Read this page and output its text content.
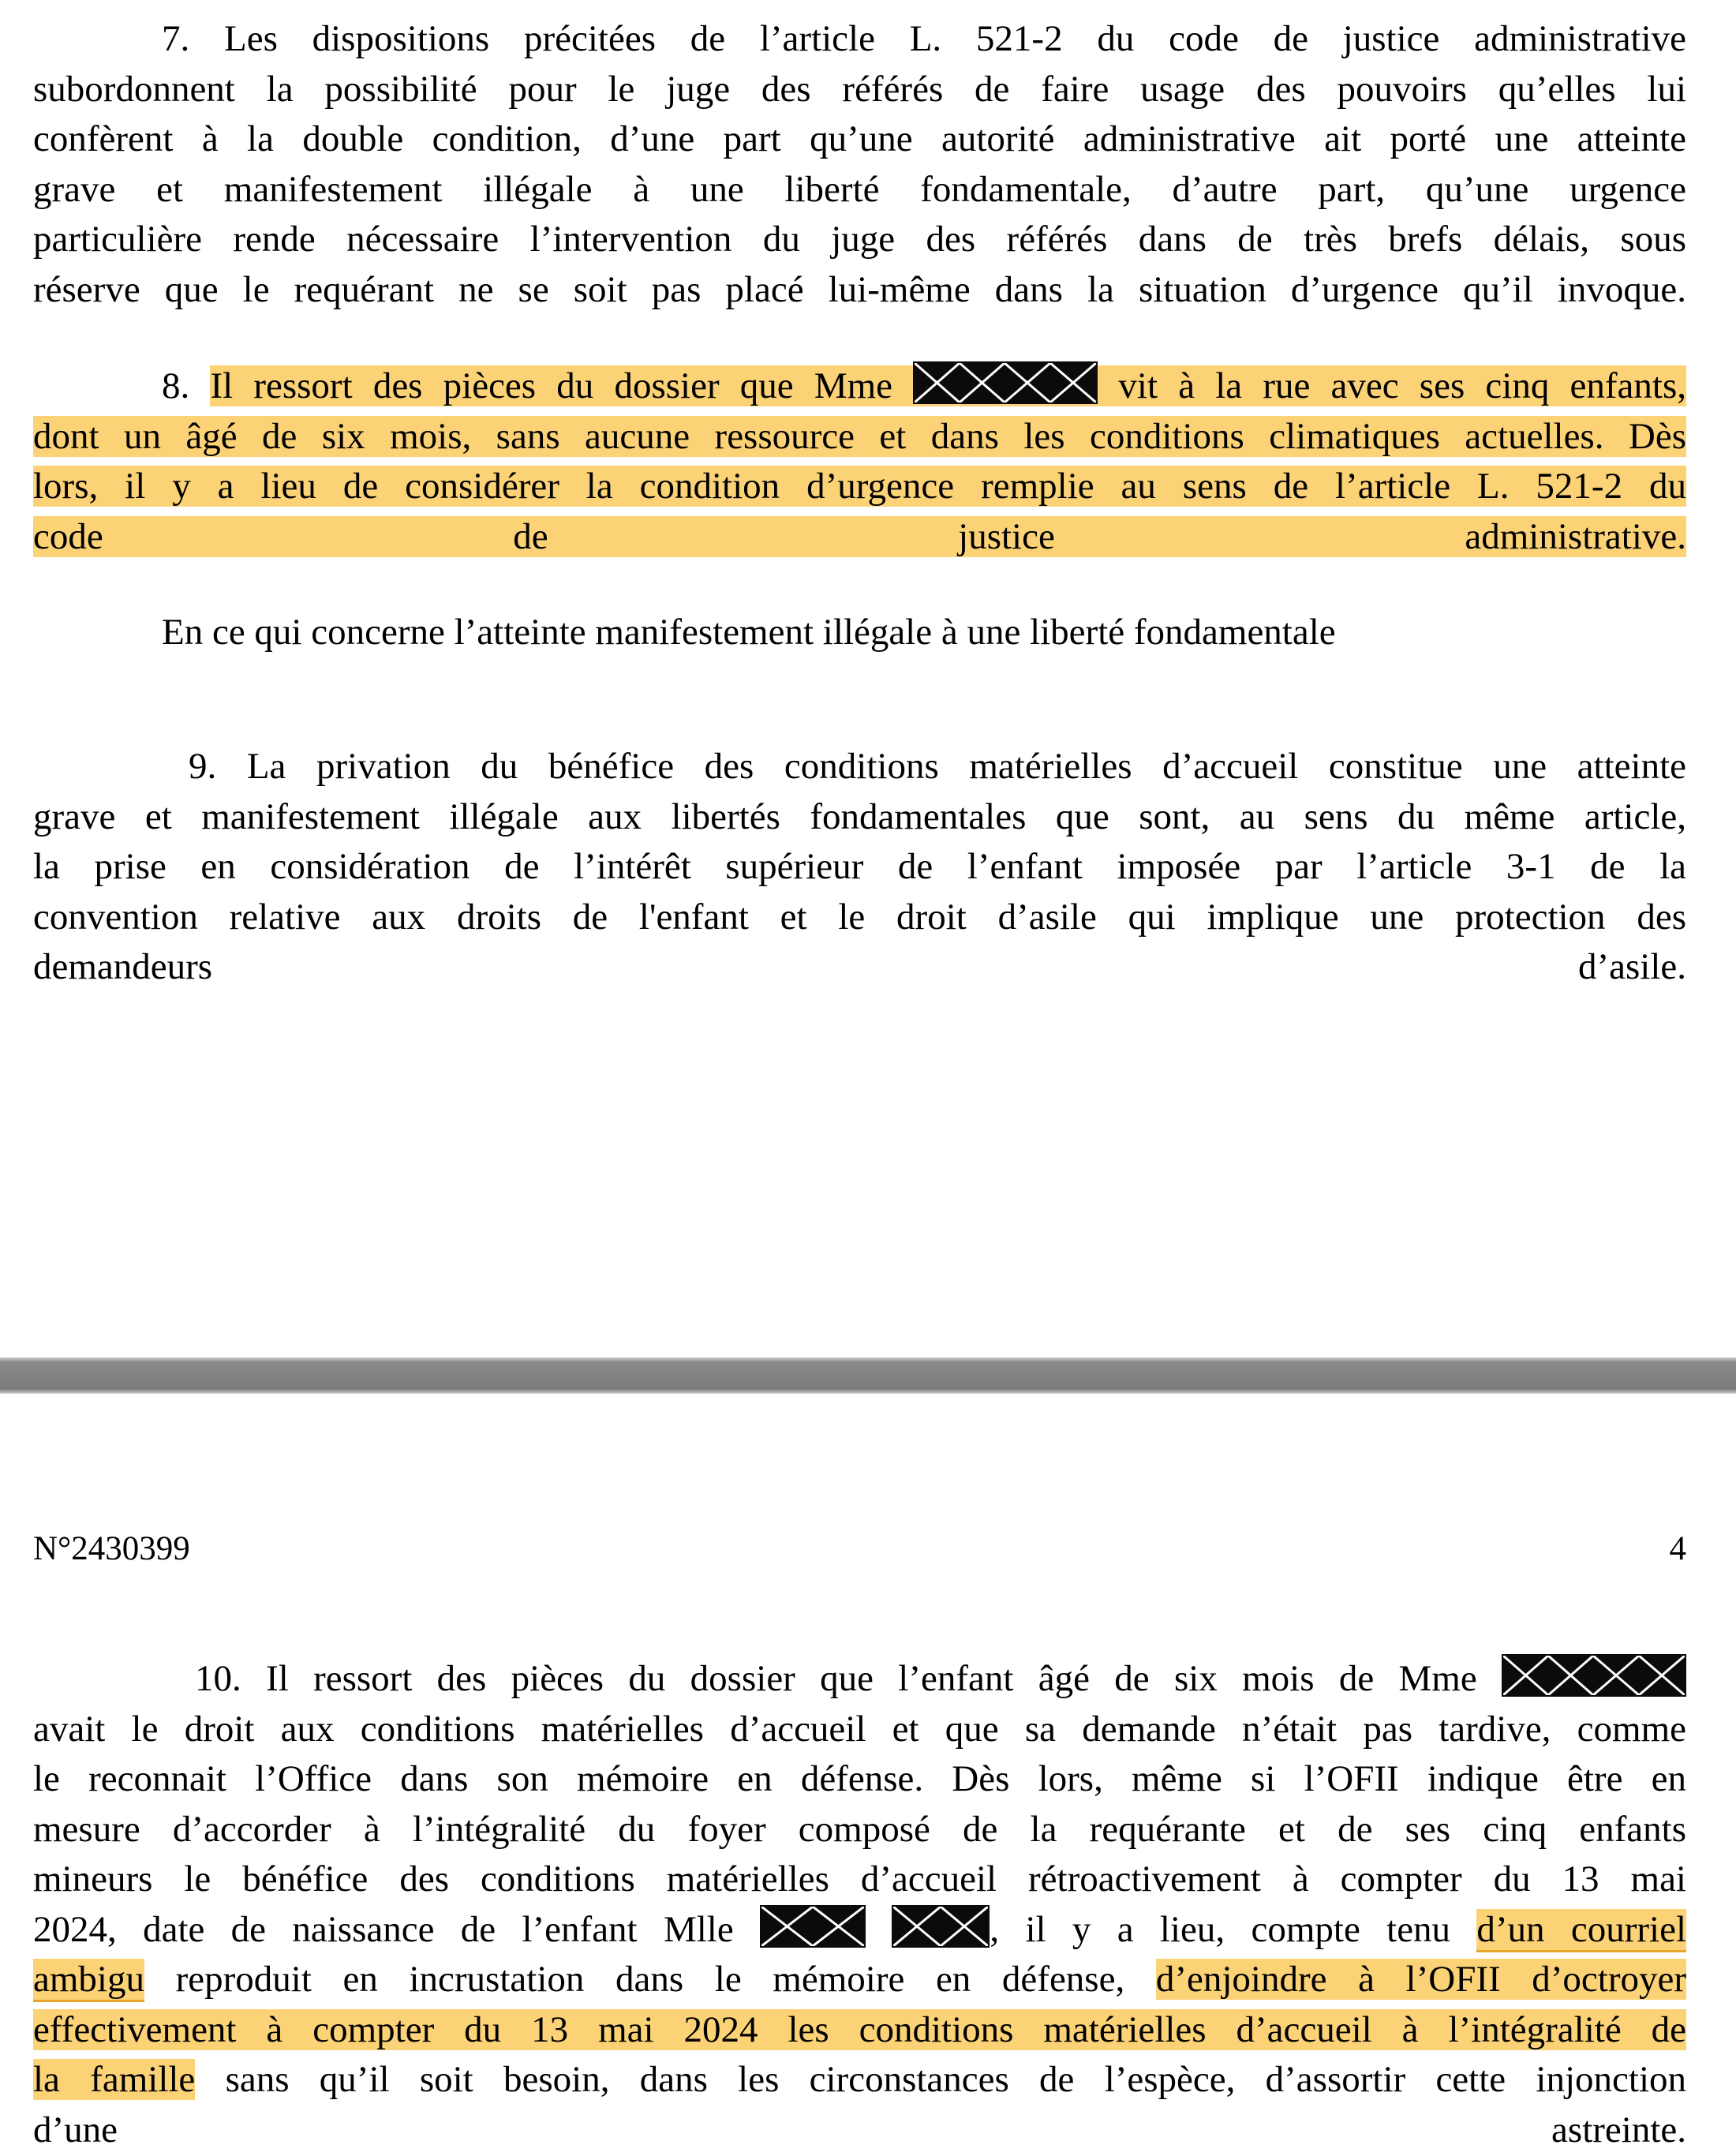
7. Les dispositions précitées de l’article L. 521-2 du code de justice administrative
subordonnent la possibilité pour le juge des référés de faire usage des pouvoirs qu’elles lui
confèrent à la double condition, d’une part qu’une autorité administrative ait porté une atteinte
grave et manifestement illégale à une liberté fondamentale, d’autre part, qu’une urgence
particulière rende nécessaire l’intervention du juge des référés dans de très brefs délais, sous
réserve que le requérant ne se soit pas placé lui-même dans la situation d’urgence qu’il invoque.
8. Il ressort des pièces du dossier que Mme	vit à la rue avec ses cinq enfants,
dont un âgé de six mois, sans aucune ressource et dans les conditions climatiques actuelles. Dès
lors, il y a lieu de considérer la condition d’urgence remplie au sens de l’article L. 521-2 du
code de justice administrative.
En ce qui concerne l’atteinte manifestement illégale à une liberté fondamentale
9. La privation du bénéfice des conditions matérielles d’accueil constitue une atteinte
grave et manifestement illégale aux libertés fondamentales que sont, au sens du même article,
la prise en considération de l’intérêt supérieur de l’enfant imposée par l’article 3-1 de la
convention relative aux droits de l'enfant et le droit d’asile qui implique une protection des
demandeurs d’asile.
N°2430399	4
10. Il ressort des pièces du dossier que l’enfant âgé de six mois de Mme
avait le droit aux conditions matérielles d’accueil et que sa demande n’était pas tardive, comme
le reconnait l’Office dans son mémoire en défense. Dès lors, même si l’OFII indique être en
mesure d’accorder à l’intégralité du foyer composé de la requérante et de ses cinq enfants
mineurs le bénéfice des conditions matérielles d’accueil rétroactivement à compter du 13 mai
2024, date de naissance de l’enfant Mlle
	, il y a lieu, compte tenu d’un courriel
ambigu reproduit en incrustation dans le mémoire en défense, d’enjoindre à l’OFII d’octroyer
effectivement à compter du 13 mai 2024 les conditions matérielles d’accueil à l’intégralité de
la famille sans qu’il soit besoin, dans les circonstances de l’espèce, d’assortir cette injonction
d’une astreinte.
